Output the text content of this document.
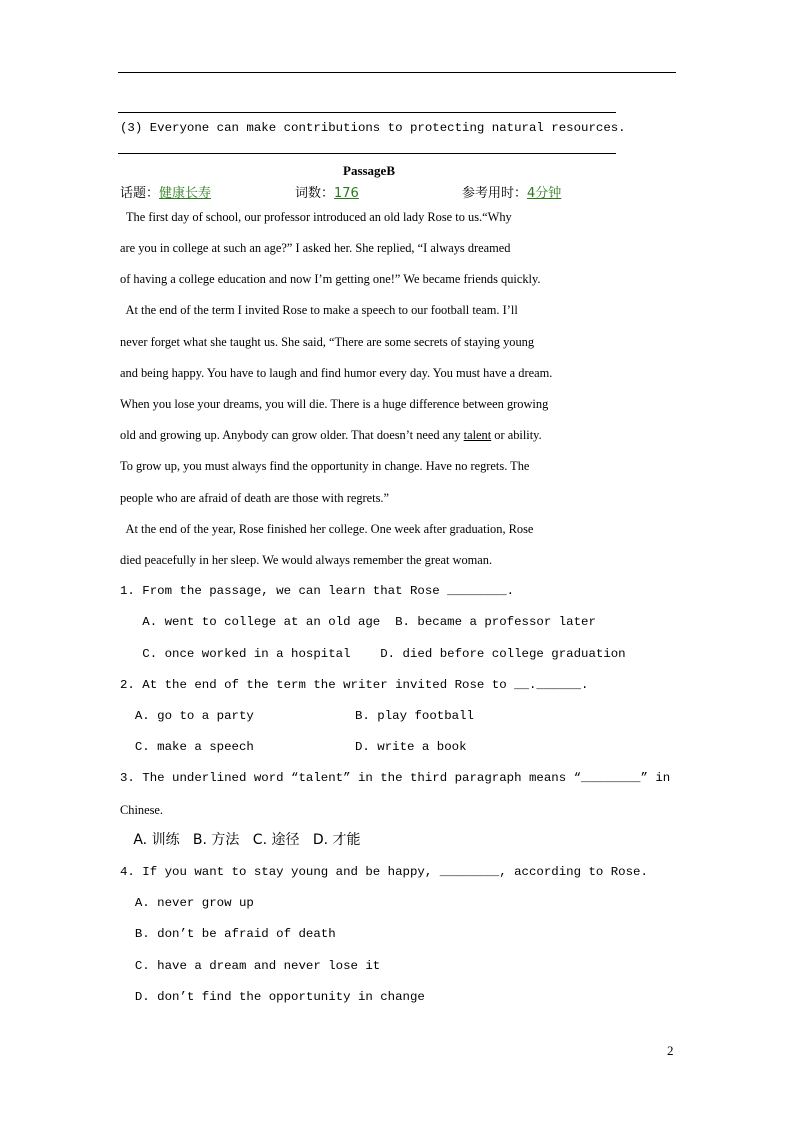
(3) Everyone can make contributions to protecting natural resources.
PassageB
话题：健康长寿	词数：176	参考用时：4分钟
The first day of school, our professor introduced an old lady Rose to us.“Why
are you in college at such an age?” I asked her. She replied, “I always dreamed
of having a college education and now I’m getting one!” We became friends quickly.
At the end of the term I invited Rose to make a speech to our football team. I’ll
never forget what she taught us. She said, “There are some secrets of staying young
and being happy. You have to laugh and find humor every day. You must have a dream.
When you lose your dreams, you will die. There is a huge difference between growing
old and growing up. Anybody can grow older. That doesn’t need any talent or ability.
To grow up, you must always find the opportunity in change. Have no regrets. The
people who are afraid of death are those with regrets.”
At the end of the year, Rose finished her college. One week after graduation, Rose
died peacefully in her sleep. We would always remember the great woman.
1. From the passage, we can learn that Rose ________.
A. went to college at an old age  B. became a professor later
C. once worked in a hospital    D. died before college graduation
2. At the end of the term the writer invited Rose to __.______.
A. go to a party	B. play football
C. make a speech	D. write a book
3. The underlined word “talent” in the third paragraph means “________” in
Chinese.
A. 训练   B. 方法   C. 途径   D. 才能
4. If you want to stay young and be happy, ________, according to Rose.
A. never grow up
B. don’t be afraid of death
C. have a dream and never lose it
D. don’t find the opportunity in change
2
